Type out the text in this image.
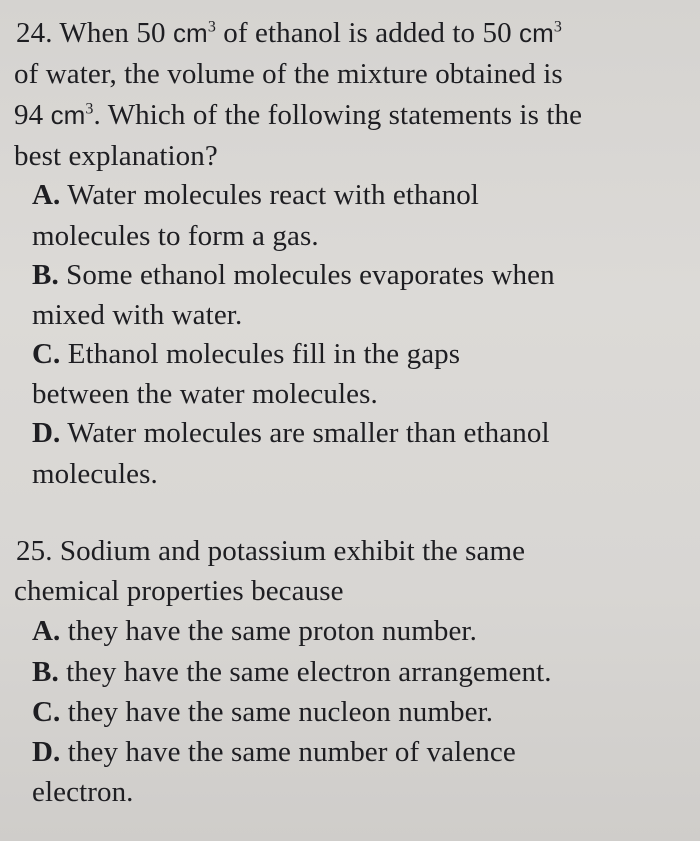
24. When 50 $cm^3$ of ethanol is added to 50 $cm^3$
of water, the volume of the mixture obtained is
94 $cm^3$. Which of the following statements is the
best explanation?
A. Water molecules react with ethanol
molecules to form a gas.
B. Some ethanol molecules evaporates when
mixed with water.
C. Ethanol molecules fill in the gaps
between the water molecules.
D. Water molecules are smaller than ethanol
molecules.
25. Sodium and potassium exhibit the same
chemical properties because
A. they have the same proton number.
B. they have the same electron arrangement.
C. they have the same nucleon number.
D. they have the same number of valence
electron.
